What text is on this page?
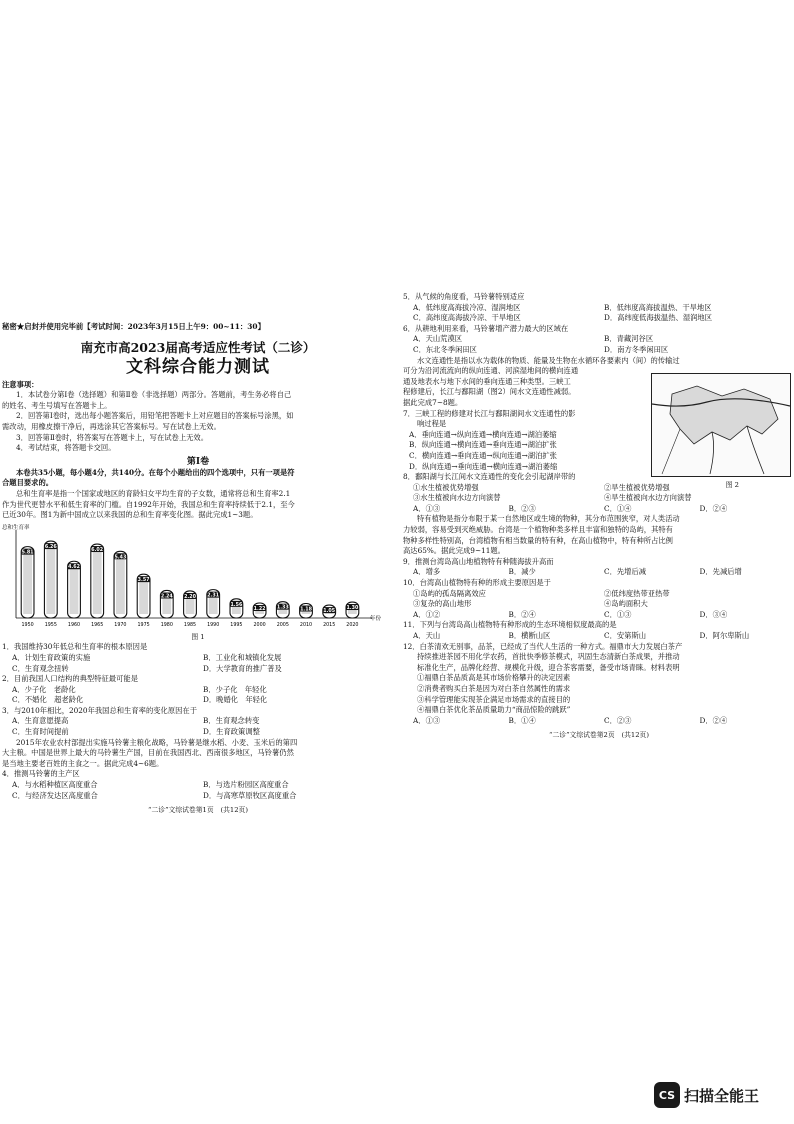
秘密★启封并使用完毕前【考试时间：2023年3月15日上午9：00~11：30】
南充市高2023届高考适应性考试（二诊）
文科综合能力测试
注意事项：
1．本试卷分第Ⅰ卷（选择题）和第Ⅱ卷（非选择题）两部分。答题前，考生务必将自己
的姓名、考生号填写在答题卡上。
2．回答第Ⅰ卷时，选出每小题答案后，用铅笔把答题卡上对应题目的答案标号涂黑，如
需改动，用橡皮擦干净后，再选涂其它答案标号。写在试卷上无效。
3．回答第Ⅱ卷时，将答案写在答题卡上，写在试卷上无效。
4．考试结束，将答题卡交回。
第Ⅰ卷
本卷共35小题，每小题4分，共140分。在每个小题给出的四个选项中，只有一项是符
合题目要求的。
总和生育率是指一个国家或地区的育龄妇女平均生育的子女数，通常将总和生育率2.1
作为世代更替水平和低生育率的门槛。自1992年开始，我国总和生育率持续低于2.1，至今
已近30年。图1为新中国成立以来我国的总和生育率变化图。据此完成1~3题。
总和生育率
年份
5.81
1950
6.26
1955
4.62
1960
6.02
1965
5.43
1970
3.57
1975
2.24
1980
2.20
1985
2.31
1990
1.56
1995
1.22
2000
1.33
2005
1.18
2010
1.05
2015
1.30
2020
图 1
1．我国维持30年低总和生育率的根本原因是
A．计划生育政策的实施	B．工业化和城镇化发展
C．生育观念扭转	D．大学教育的推广普及
2．目前我国人口结构的典型特征最可能是
A．少子化　老龄化	B．少子化　年轻化
C．不婚化　超老龄化	D．晚婚化　年轻化
3．与2010年相比，2020年我国总和生育率的变化原因在于
A．生育意愿提高	B．生育观念转变
C．生育时间提前	D．生育政策调整
2015年农业农村部提出实施马铃薯主粮化战略，马铃薯是继水稻、小麦、玉米后的第四
大主粮。中国是世界上最大的马铃薯生产国，目前在我国西北、西南很多地区，马铃薯仍然
是当地主要老百姓的主食之一。据此完成4~6题。
4．推测马铃薯的主产区
A．与水稻种植区高度重合	B．与选片粉园区高度重合
C．与经济发达区高度重合	D．与高寒草原牧区高度重合
“二诊”文综试卷第1页　(共12页)
5．从气候的角度看，马铃薯特别适应
A．低纬度高海拔冷凉、湿润地区	B．低纬度高海拔温热、干旱地区
C．高纬度高海拔冷凉、干旱地区	D．高纬度低海拔温热、湿润地区
6．从耕地利用来看，马铃薯增产潜力最大的区域在
A．天山荒漠区	B．青藏河谷区
C．东北冬季闲田区	D．南方冬季闲田区
水文连通性是指以水为载体的物质、能量及生物在水循环各要素内（间）的传输过
可分为沿河流流向的纵向连通、河滨湿地间的横向连通
通及地表水与地下水间的垂向连通三种类型。三峡工
程修建后，长江与鄱阳湖（图2）间水文连通性减弱。
据此完成7~8题。
7．三峡工程的修建对长江与鄱阳湖间水文连通性的影
响过程是
A．垂向连通→纵向连通→横向连通→湖泊萎缩
B．纵向连通→横向连通→垂向连通→湖泊扩张
C．横向连通→垂向连通→纵向连通→湖泊扩张
D．纵向连通→垂向连通→横向连通→湖泊萎缩
8．鄱阳湖与长江间水文连通性的变化会引起湖岸带的
①水生植被优势增强	②旱生植被优势增强
③水生植被向水边方向演替	④旱生植被向水边方向演替
A．①③	B．②③	C．①④	D．②④
特有植物是指分布限于某一自然地区或生境的物种，其分布范围狭窄，对人类活动
力较弱，容易受到灭绝威胁。台湾是一个植物种类多样且丰富和独特的岛屿，其特有
物种多样性特别高，台湾植物有相当数量的特有种，在高山植物中，特有种所占比例
高达65%。据此完成9~11题。
9．推测台湾岛高山地植物特有种随海拔升高而
A．增多	B．减少	C．先增后减	D．先减后增
10．台湾高山植物特有种的形成主要原因是于
①岛屿的孤岛隔离效应	②低纬度热带亚热带
③复杂的高山地形	④岛屿面积大
A．①②	B．②④	C．①③	D．③④
11．下列与台湾岛高山植物特有种形成的生态环境相似度最高的是
A．天山	B．横断山区	C．安第斯山	D．阿尔卑斯山
12．白茶清欢无别事，品茶，已经成了当代人生活的一种方式。福鼎市大力发展白茶产
持续推进茶园不用化学农药，首批快季修茶模式，巩固生态清新白茶成果，并推动
标准化生产，品牌化经营、规模化升级，迎合茶客需要，备受市场青睐。材料表明
①福鼎白茶品质高是其市场价格攀升的决定因素
②消费者购买白茶是因为对白茶自然属性的需求
③科学管理能实现茶企满足市场需求的直接目的
④福鼎白茶优化茶品质量助力“商品惊险的跳跃”
A．①③	B．①④	C．②③	D．②④
“二诊”文综试卷第2页　(共12页)
图 2
CS 扫描全能王
